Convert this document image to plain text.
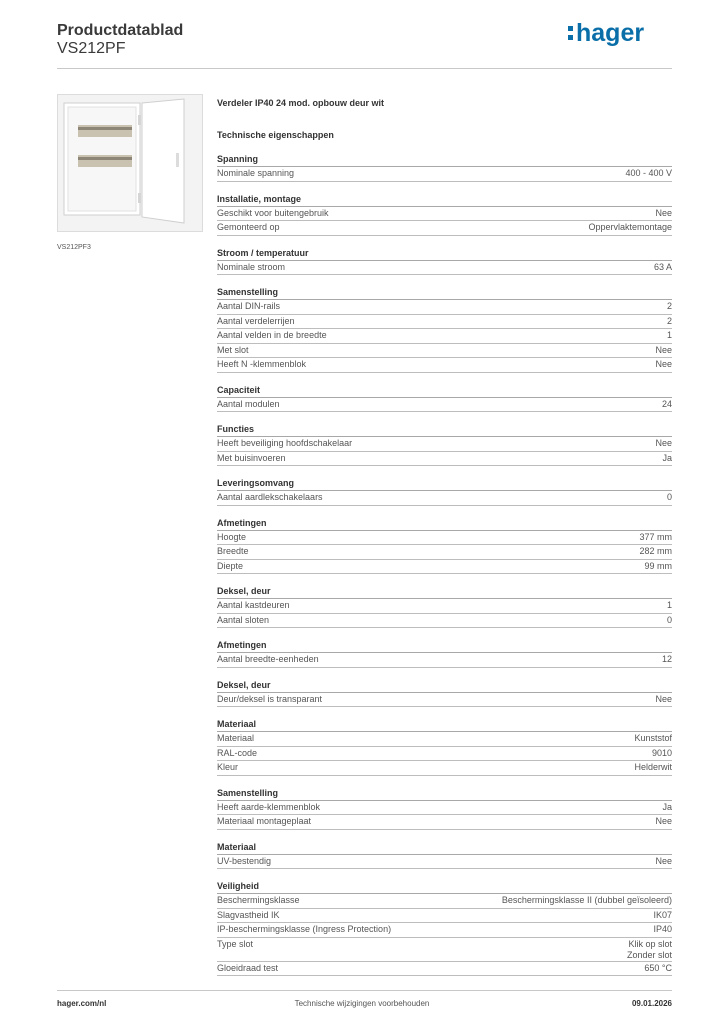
Productdatablad
VS212PF
hager
VS212PF3
Verdeler IP40 24 mod. opbouw deur wit
Technische eigenschappen
Spanning
Nominale spanning	400 - 400 V
Installatie, montage
Geschikt voor buitengebruik	Nee
Gemonteerd op	Oppervlaktemontage
Stroom / temperatuur
Nominale stroom	63 A
Samenstelling
Aantal DIN-rails	2
Aantal verdelerrijen	2
Aantal velden in de breedte	1
Met slot	Nee
Heeft N -klemmenblok	Nee
Capaciteit
Aantal modulen	24
Functies
Heeft beveiliging hoofdschakelaar	Nee
Met buisinvoeren	Ja
Leveringsomvang
Aantal aardlekschakelaars	0
Afmetingen
Hoogte	377 mm
Breedte	282 mm
Diepte	99 mm
Deksel, deur
Aantal kastdeuren	1
Aantal sloten	0
Afmetingen
Aantal breedte-eenheden	12
Deksel, deur
Deur/deksel is transparant	Nee
Materiaal
Materiaal	Kunststof
RAL-code	9010
Kleur	Helderwit
Samenstelling
Heeft aarde-klemmenblok	Ja
Materiaal montageplaat	Nee
Materiaal
UV-bestendig	Nee
Veiligheid
Beschermingsklasse	Beschermingsklasse II (dubbel geïsoleerd)
Slagvastheid IK	IK07
IP-beschermingsklasse (Ingress Protection)	IP40
Type slot	Klik op slot
Zonder slot
Gloeidraad test	650 °C
hager.com/nl	Technische wijzigingen voorbehouden	09.01.2026
